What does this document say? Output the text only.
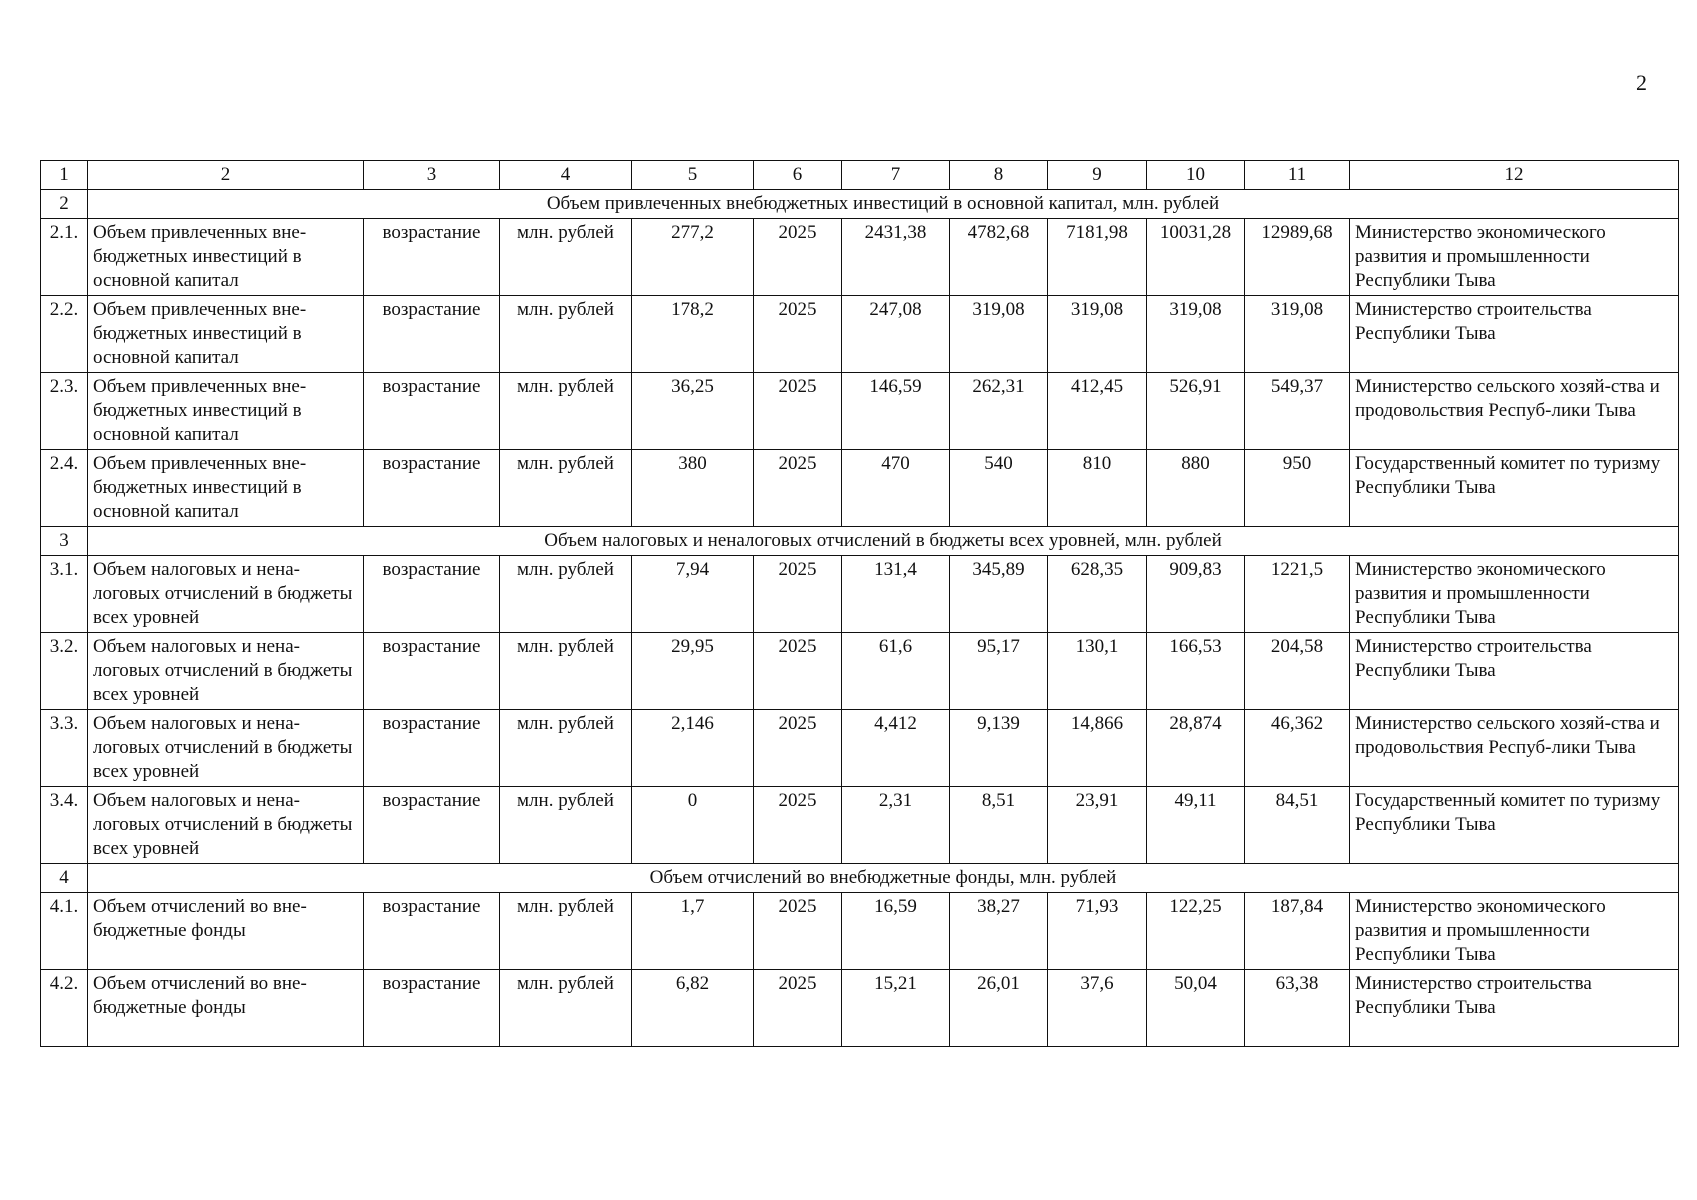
2
1	2	3	4	5	6	7	8	9	10	11	12
2	Объем привлеченных внебюджетных инвестиций в основной капитал, млн. рублей										
2.1.	Объем привлеченных вне-бюджетных инвестиций в основной капитал	возрастание	млн. рублей	277,2	2025	2431,38	4782,68	7181,98	10031,28	12989,68	Министерство экономического развития и промышленности Республики Тыва
2.2.	Объем привлеченных вне-бюджетных инвестиций в основной капитал	возрастание	млн. рублей	178,2	2025	247,08	319,08	319,08	319,08	319,08	Министерство строительства Республики Тыва
2.3.	Объем привлеченных вне-бюджетных инвестиций в основной капитал	возрастание	млн. рублей	36,25	2025	146,59	262,31	412,45	526,91	549,37	Министерство сельского хозяй-ства и продовольствия Респуб-лики Тыва
2.4.	Объем привлеченных вне-бюджетных инвестиций в основной капитал	возрастание	млн. рублей	380	2025	470	540	810	880	950	Государственный комитет по туризму Республики Тыва
3	Объем налоговых и неналоговых отчислений в бюджеты всех уровней, млн. рублей										
3.1.	Объем налоговых и нена-логовых отчислений в бюджеты всех уровней	возрастание	млн. рублей	7,94	2025	131,4	345,89	628,35	909,83	1221,5	Министерство экономического развития и промышленности Республики Тыва
3.2.	Объем налоговых и нена-логовых отчислений в бюджеты всех уровней	возрастание	млн. рублей	29,95	2025	61,6	95,17	130,1	166,53	204,58	Министерство строительства Республики Тыва
3.3.	Объем налоговых и нена-логовых отчислений в бюджеты всех уровней	возрастание	млн. рублей	2,146	2025	4,412	9,139	14,866	28,874	46,362	Министерство сельского хозяй-ства и продовольствия Респуб-лики Тыва
3.4.	Объем налоговых и нена-логовых отчислений в бюджеты всех уровней	возрастание	млн. рублей	0	2025	2,31	8,51	23,91	49,11	84,51	Государственный комитет по туризму Республики Тыва
4	Объем отчислений во внебюджетные фонды, млн. рублей										
4.1.	Объем отчислений во вне-бюджетные фонды	возрастание	млн. рублей	1,7	2025	16,59	38,27	71,93	122,25	187,84	Министерство экономического развития и промышленности Республики Тыва
4.2.	Объем отчислений во вне-бюджетные фонды	возрастание	млн. рублей	6,82	2025	15,21	26,01	37,6	50,04	63,38	Министерство строительства Республики Тыва
